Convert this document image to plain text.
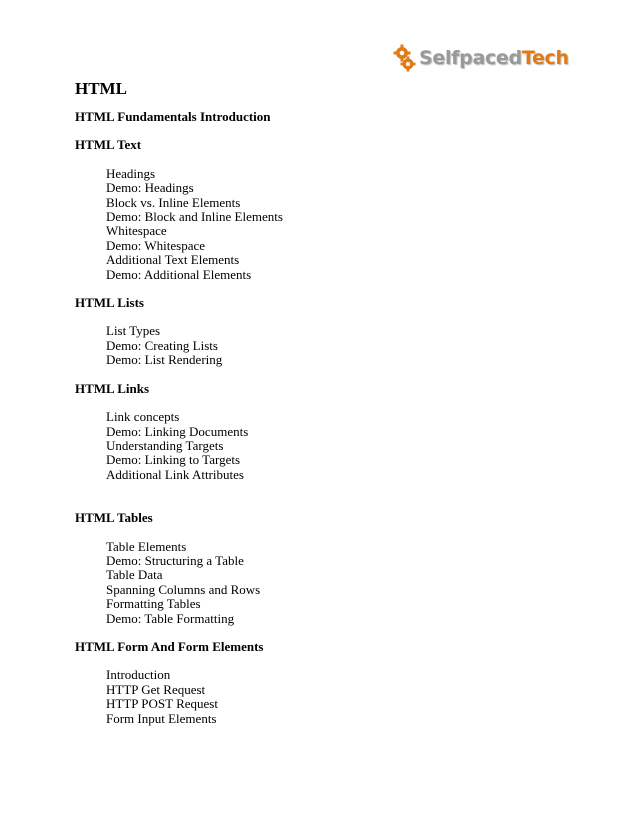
SelfpacedTech
HTML
HTML Fundamentals Introduction
HTML Text
Headings
Demo: Headings
Block vs. Inline Elements
Demo: Block and Inline Elements
Whitespace
Demo: Whitespace
Additional Text Elements
Demo: Additional Elements
HTML Lists
List Types
Demo: Creating Lists
Demo: List Rendering
HTML Links
Link concepts
Demo: Linking Documents
Understanding Targets
Demo: Linking to Targets
Additional Link Attributes
HTML Tables
Table Elements
Demo: Structuring a Table
Table Data
Spanning Columns and Rows
Formatting Tables
Demo: Table Formatting
HTML Form And Form Elements
Introduction
HTTP Get Request
HTTP POST Request
Form Input Elements
